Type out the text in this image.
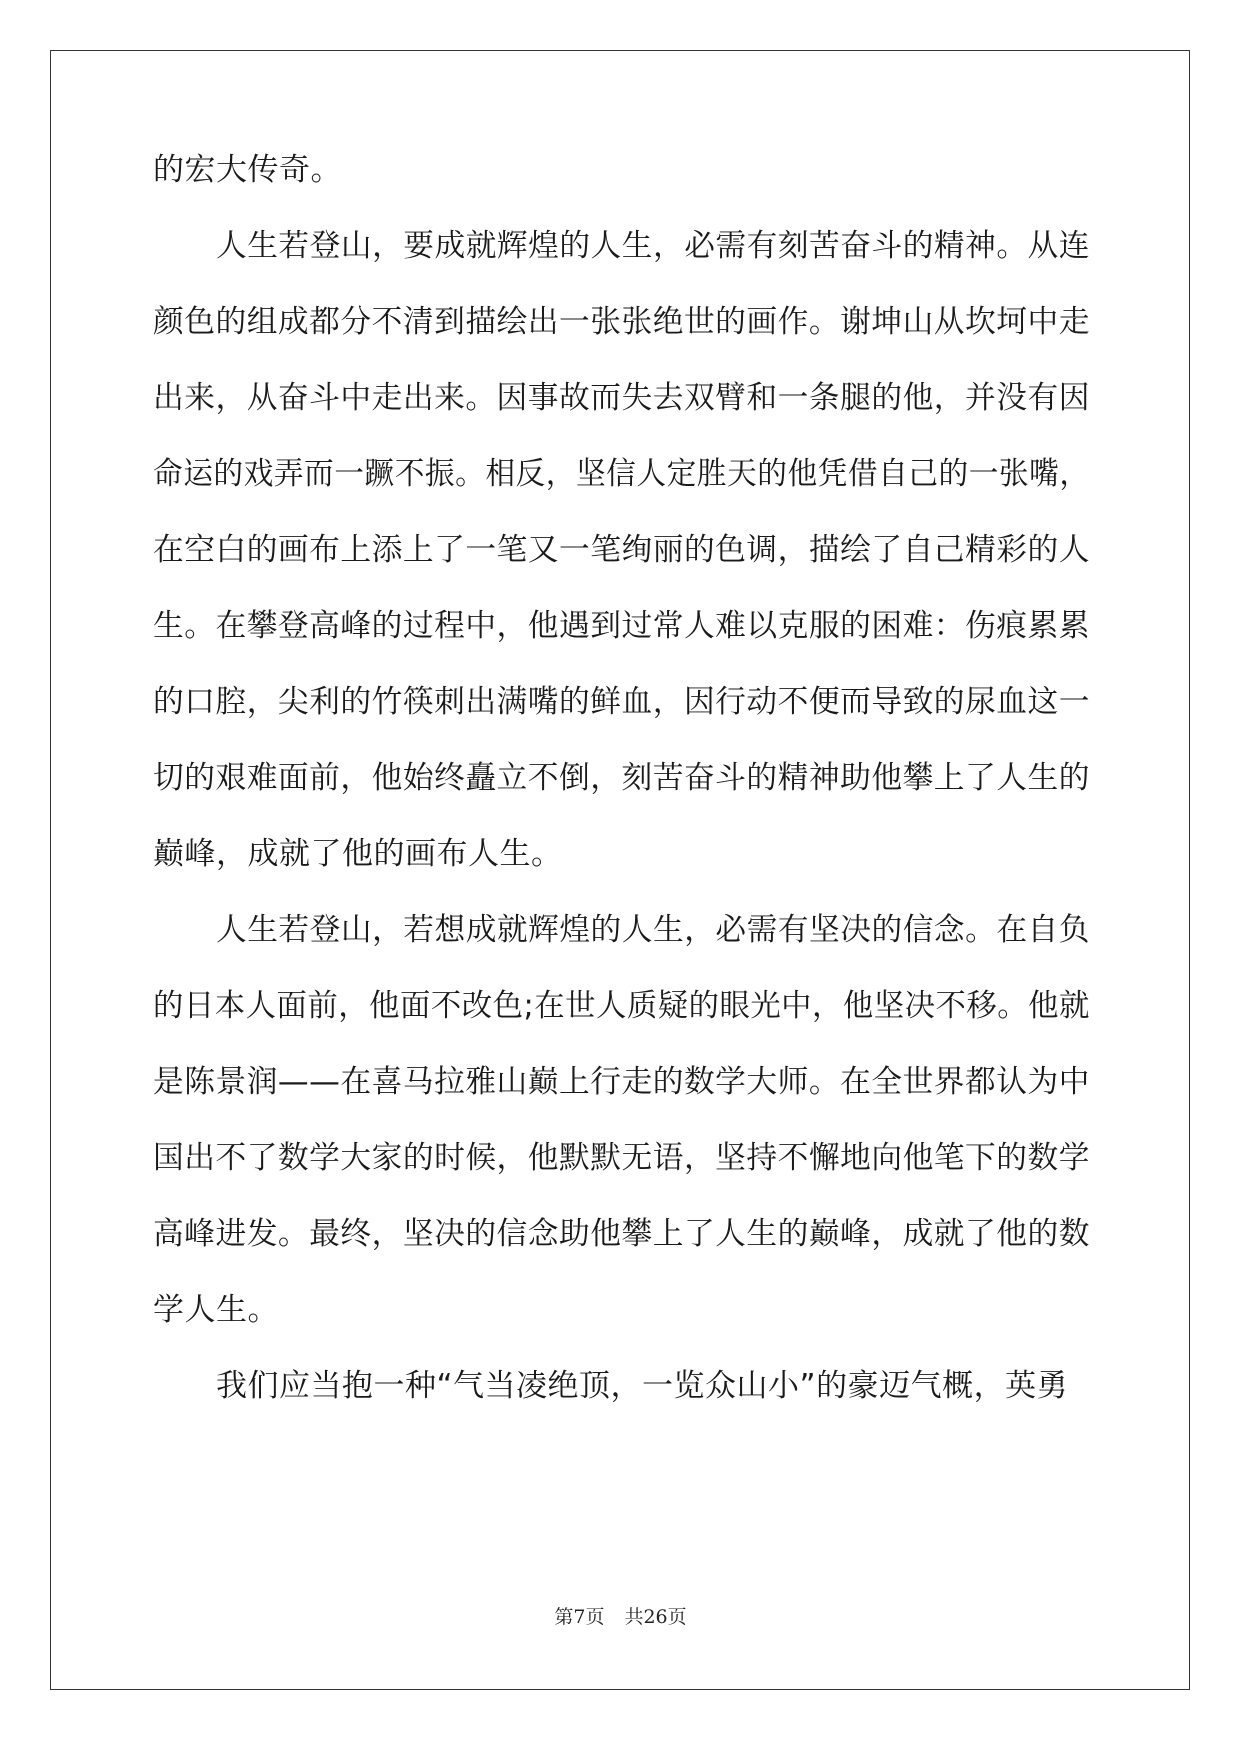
的宏大传奇。
人生若登山，要成就辉煌的人生，必需有刻苦奋斗的精神。从连
颜色的组成都分不清到描绘出一张张绝世的画作。谢坤山从坎坷中走
出来，从奋斗中走出来。因事故而失去双臂和一条腿的他，并没有因
命运的戏弄而一蹶不振。相反，坚信人定胜天的他凭借自己的一张嘴，
在空白的画布上添上了一笔又一笔绚丽的色调，描绘了自己精彩的人
生。在攀登高峰的过程中，他遇到过常人难以克服的困难：伤痕累累
的口腔，尖利的竹筷刺出满嘴的鲜血，因行动不便而导致的尿血这一
切的艰难面前，他始终矗立不倒，刻苦奋斗的精神助他攀上了人生的
巅峰，成就了他的画布人生。
人生若登山，若想成就辉煌的人生，必需有坚决的信念。在自负
的日本人面前，他面不改色;在世人质疑的眼光中，他坚决不移。他就
是陈景润——在喜马拉雅山巅上行走的数学大师。在全世界都认为中
国出不了数学大家的时候，他默默无语，坚持不懈地向他笔下的数学
高峰进发。最终，坚决的信念助他攀上了人生的巅峰，成就了他的数
学人生。
我们应当抱一种“气当凌绝顶，一览众山小”的豪迈气概，英勇
第7页 共26页
